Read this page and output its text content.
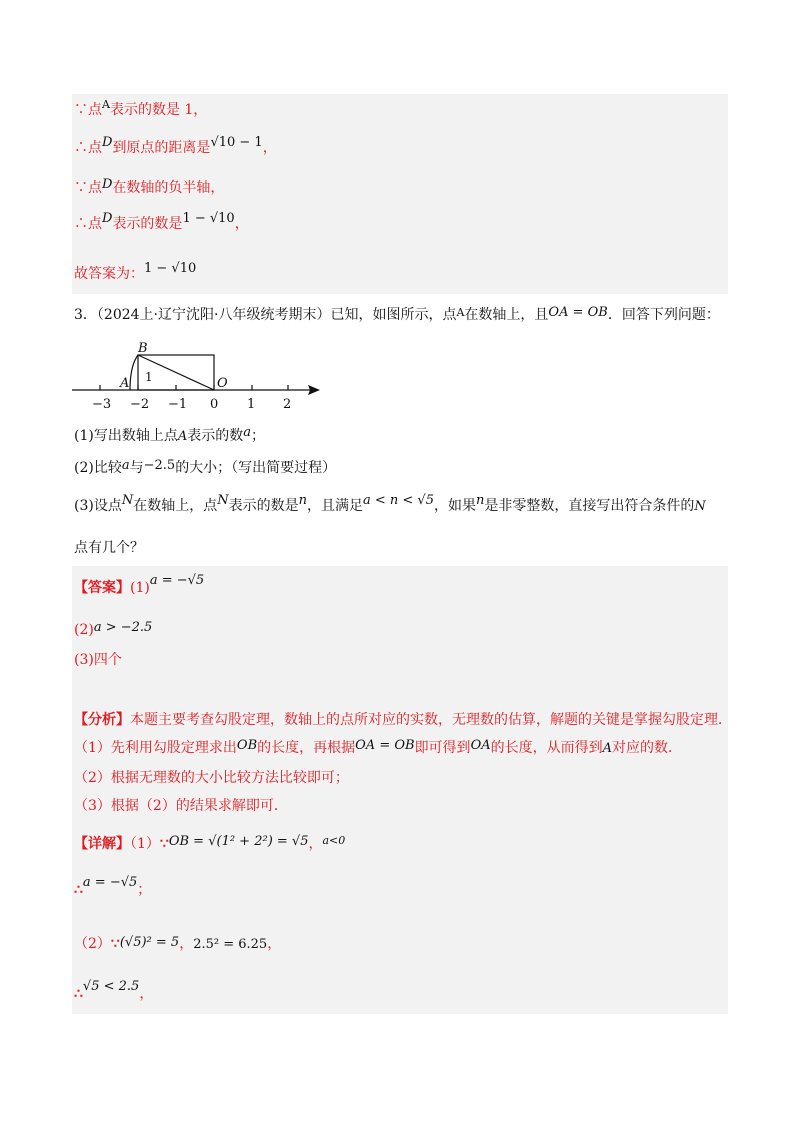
∵点$^A$表示的数是 1，
∴点D到原点的距离是√10 − 1，
∵点D在数轴的负半轴，
∴点D表示的数是1 − √10，
故答案为：1 − √10
3．（2024上·辽宁沈阳·八年级统考期末）已知，如图所示，点$^A$在数轴上，且OA = OB．回答下列问题：
B
A	O
1
−3 −2 −1 0 1 2
(1)写出数轴上点A表示的数a；
(2)比较a与−2.5的大小；（写出简要过程）
(3)设点N在数轴上，点N表示的数是n，且满足a < n < √5，如果n是非零整数，直接写出符合条件的N
点有几个？
【答案】(1)a = −√5
(2)a > −2.5
(3)四个
【分析】本题主要考查勾股定理，数轴上的点所对应的实数，无理数的估算，解题的关键是掌握勾股定理．
（1）先利用勾股定理求出OB的长度，再根据OA = OB即可得到OA的长度，从而得到A对应的数．
（2）根据无理数的大小比较方法比较即可；
（3）根据（2）的结果求解即可．
【详解】（1）∵OB = √(1² + 2²) = √5，$^{a<0}$
∴a = −√5；
（2）∵(√5)² = 5，2.5² = 6.25，
∴√5 < 2.5，
